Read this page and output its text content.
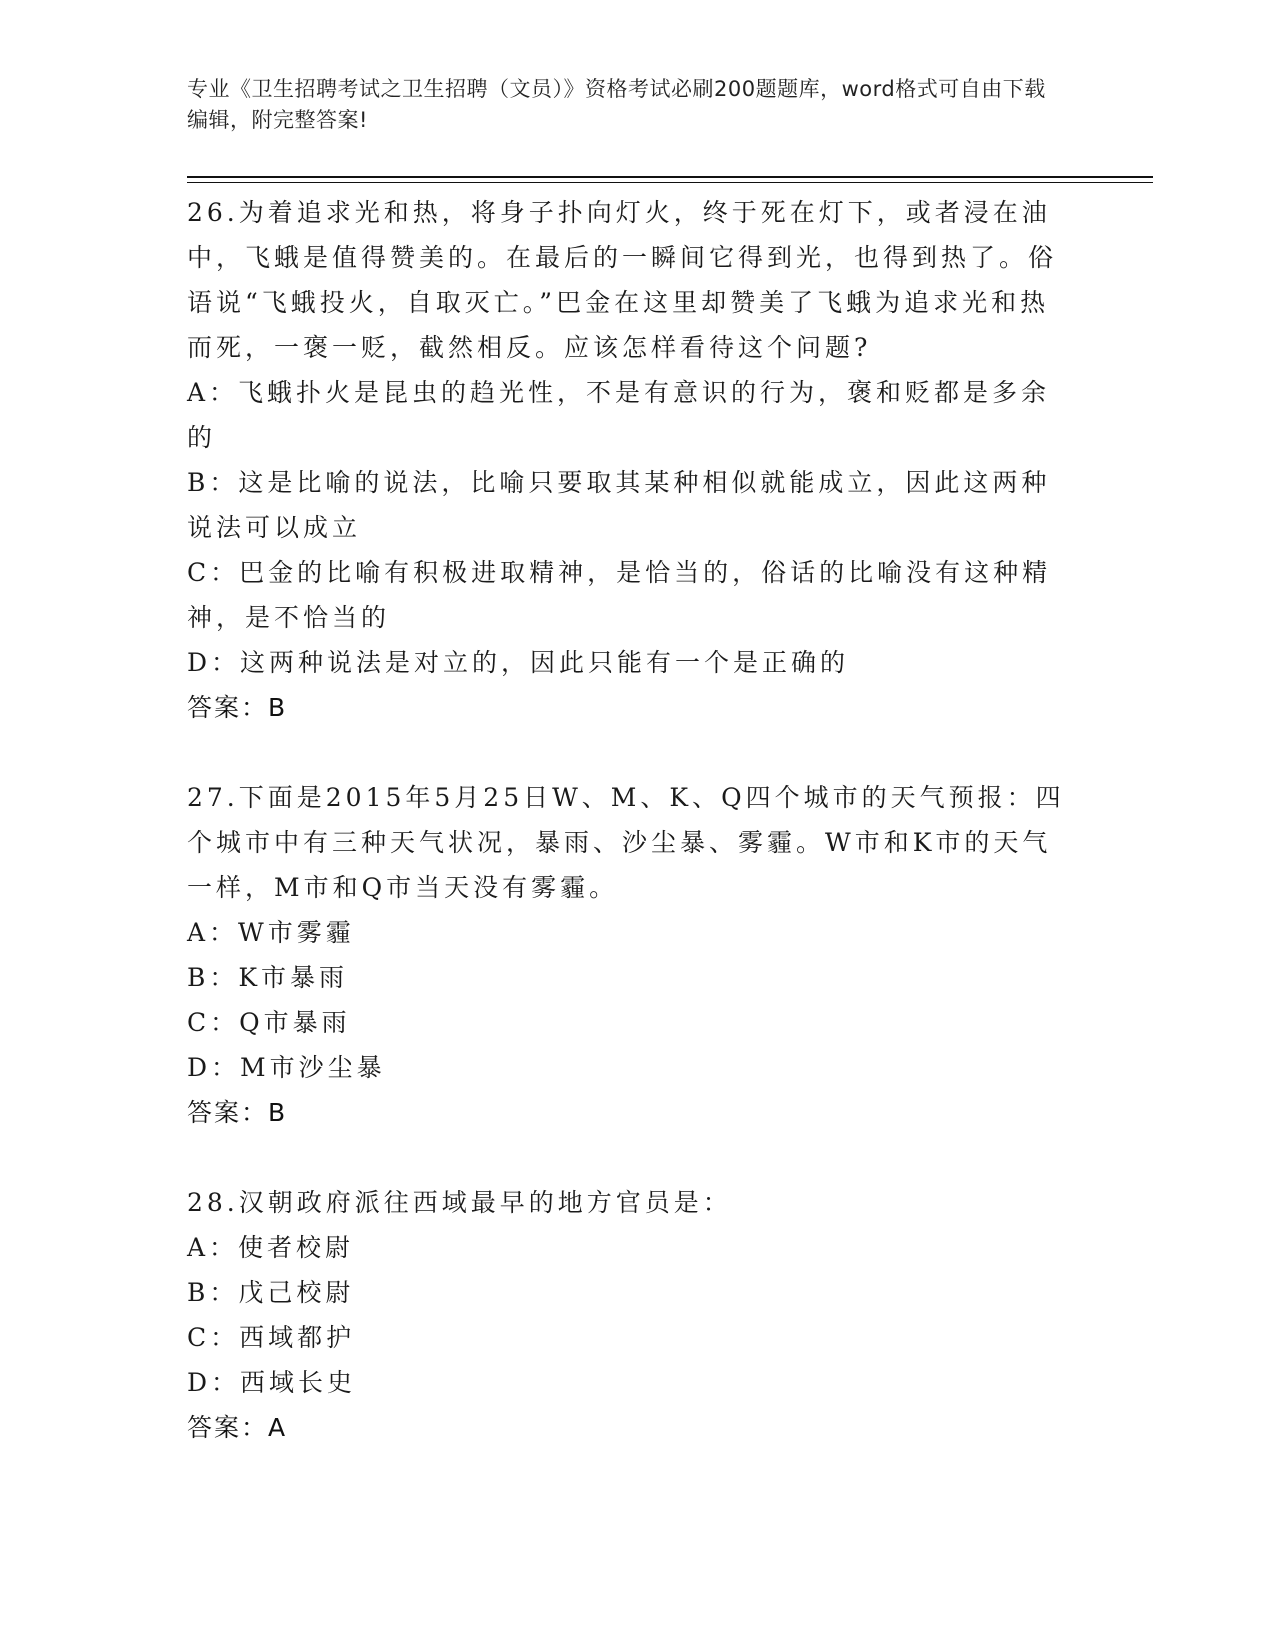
专业《卫生招聘考试之卫生招聘（文员）》资格考试必刷200题题库，word格式可自由下载编辑，附完整答案!

26.为着追求光和热，将身子扑向灯火，终于死在灯下，或者浸在油中，飞蛾是值得赞美的。在最后的一瞬间它得到光，也得到热了。俗语说“飞蛾投火，自取灭亡。”巴金在这里却赞美了飞蛾为追求光和热而死，一褒一贬，截然相反。应该怎样看待这个问题?

A：飞蛾扑火是昆虫的趋光性，不是有意识的行为，褒和贬都是多余的

B：这是比喻的说法，比喻只要取其某种相似就能成立，因此这两种说法可以成立

C：巴金的比喻有积极进取精神，是恰当的，俗话的比喻没有这种精神，是不恰当的

D：这两种说法是对立的，因此只能有一个是正确的

答案：B

27.下面是2015年5月25日W、M、K、Q四个城市的天气预报：四个城市中有三种天气状况，暴雨、沙尘暴、雾霾。W市和K市的天气一样，M市和Q市当天没有雾霾。

A：W市雾霾

B：K市暴雨

C：Q市暴雨

D：M市沙尘暴

答案：B

28.汉朝政府派往西域最早的地方官员是：

A：使者校尉

B：戊己校尉

C：西域都护

D：西域长史

答案：A
